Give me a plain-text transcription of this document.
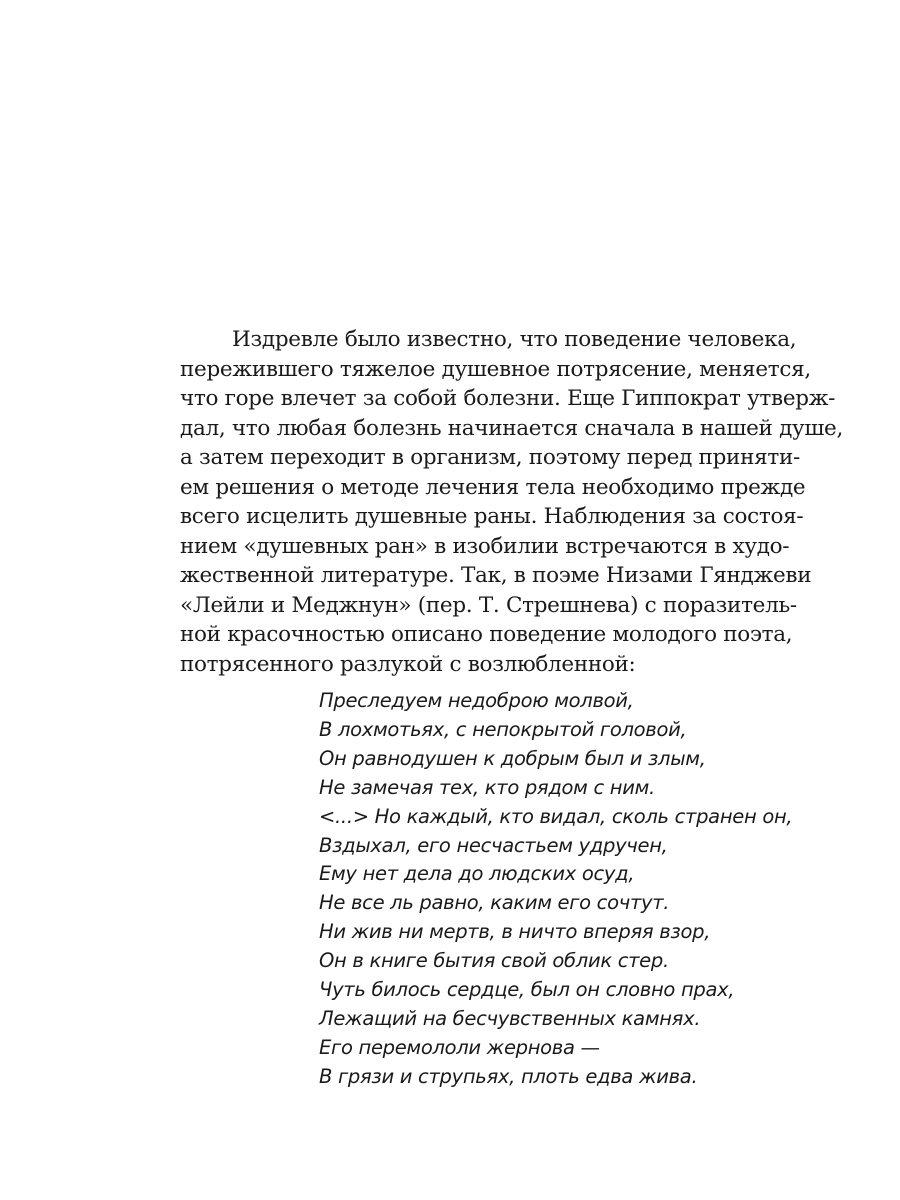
Издревле было известно, что поведение человека,
пережившего тяжелое душевное потрясение, меняется,
что горе влечет за собой болезни. Еще Гиппократ утверж-
дал, что любая болезнь начинается сначала в нашей душе,
а затем переходит в организм, поэтому перед приняти-
ем решения о методе лечения тела необходимо прежде
всего исцелить душевные раны. Наблюдения за состоя-
нием «душевных ран» в изобилии встречаются в худо-
жественной литературе. Так, в поэме Низами Гянджеви
«Лейли и Меджнун» (пер. Т. Стрешнева) с поразитель-
ной красочностью описано поведение молодого поэта,
потрясенного разлукой с возлюбленной:

Преследуем недоброю молвой,
В лохмотьях, с непокрытой головой,
Он равнодушен к добрым был и злым,
Не замечая тех, кто рядом с ним.
<...> Но каждый, кто видал, сколь странен он,
Вздыхал, его несчастьем удручен,
Ему нет дела до людских осуд,
Не все ль равно, каким его сочтут.
Ни жив ни мертв, в ничто вперяя взор,
Он в книге бытия свой облик стер.
Чуть билось сердце, был он словно прах,
Лежащий на бесчувственных камнях.
Его перемололи жернова —
В грязи и струпьях, плоть едва жива.
